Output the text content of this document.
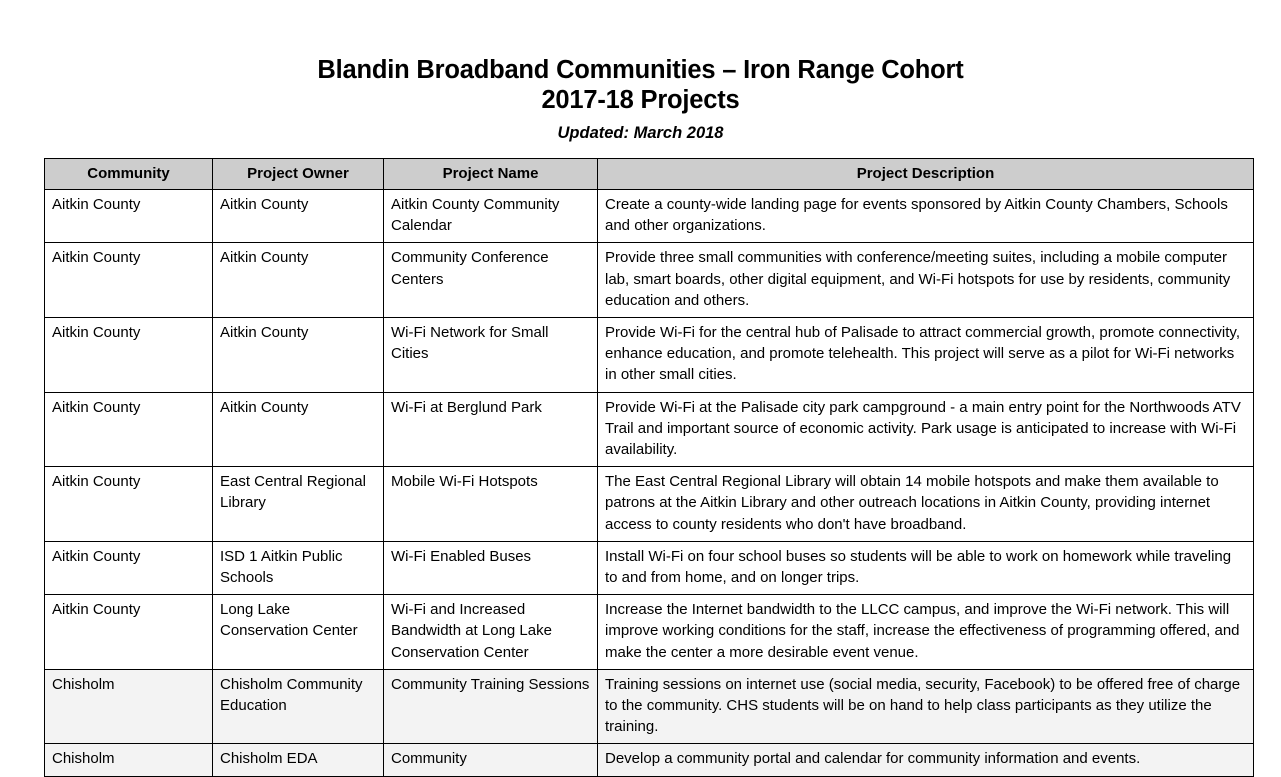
Blandin Broadband Communities – Iron Range Cohort
2017-18 Projects
Updated: March 2018
Community	Project Owner	Project Name	Project Description
Aitkin County	Aitkin County	Aitkin County Community Calendar	Create a county-wide landing page for events sponsored by Aitkin County Chambers, Schools and other organizations.
Aitkin County	Aitkin County	Community Conference Centers	Provide three small communities with conference/meeting suites, including a mobile computer lab, smart boards, other digital equipment, and Wi-Fi hotspots for use by residents, community education and others.
Aitkin County	Aitkin County	Wi-Fi Network for Small Cities	Provide Wi-Fi for the central hub of Palisade to attract commercial growth, promote connectivity, enhance education, and promote telehealth. This project will serve as a pilot for Wi-Fi networks in other small cities.
Aitkin County	Aitkin County	Wi-Fi at Berglund Park	Provide Wi-Fi at the Palisade city park campground - a main entry point for the Northwoods ATV Trail and important source of economic activity. Park usage is anticipated to increase with Wi-Fi availability.
Aitkin County	East Central Regional Library	Mobile Wi-Fi Hotspots	The East Central Regional Library will obtain 14 mobile hotspots and make them available to patrons at the Aitkin Library and other outreach locations in Aitkin County, providing internet access to county residents who don't have broadband.
Aitkin County	ISD 1 Aitkin Public Schools	Wi-Fi Enabled Buses	Install Wi-Fi on four school buses so students will be able to work on homework while traveling to and from home, and on longer trips.
Aitkin County	Long Lake Conservation Center	Wi-Fi and Increased Bandwidth at Long Lake Conservation Center	Increase the Internet bandwidth to the LLCC campus, and improve the Wi-Fi network. This will improve working conditions for the staff, increase the effectiveness of programming offered, and make the center a more desirable event venue.
Chisholm	Chisholm Community Education	Community Training Sessions	Training sessions on internet use (social media, security, Facebook) to be offered free of charge to the community. CHS students will be on hand to help class participants as they utilize the training.
Chisholm	Chisholm EDA	Community	Develop a community portal and calendar for community information and events.
